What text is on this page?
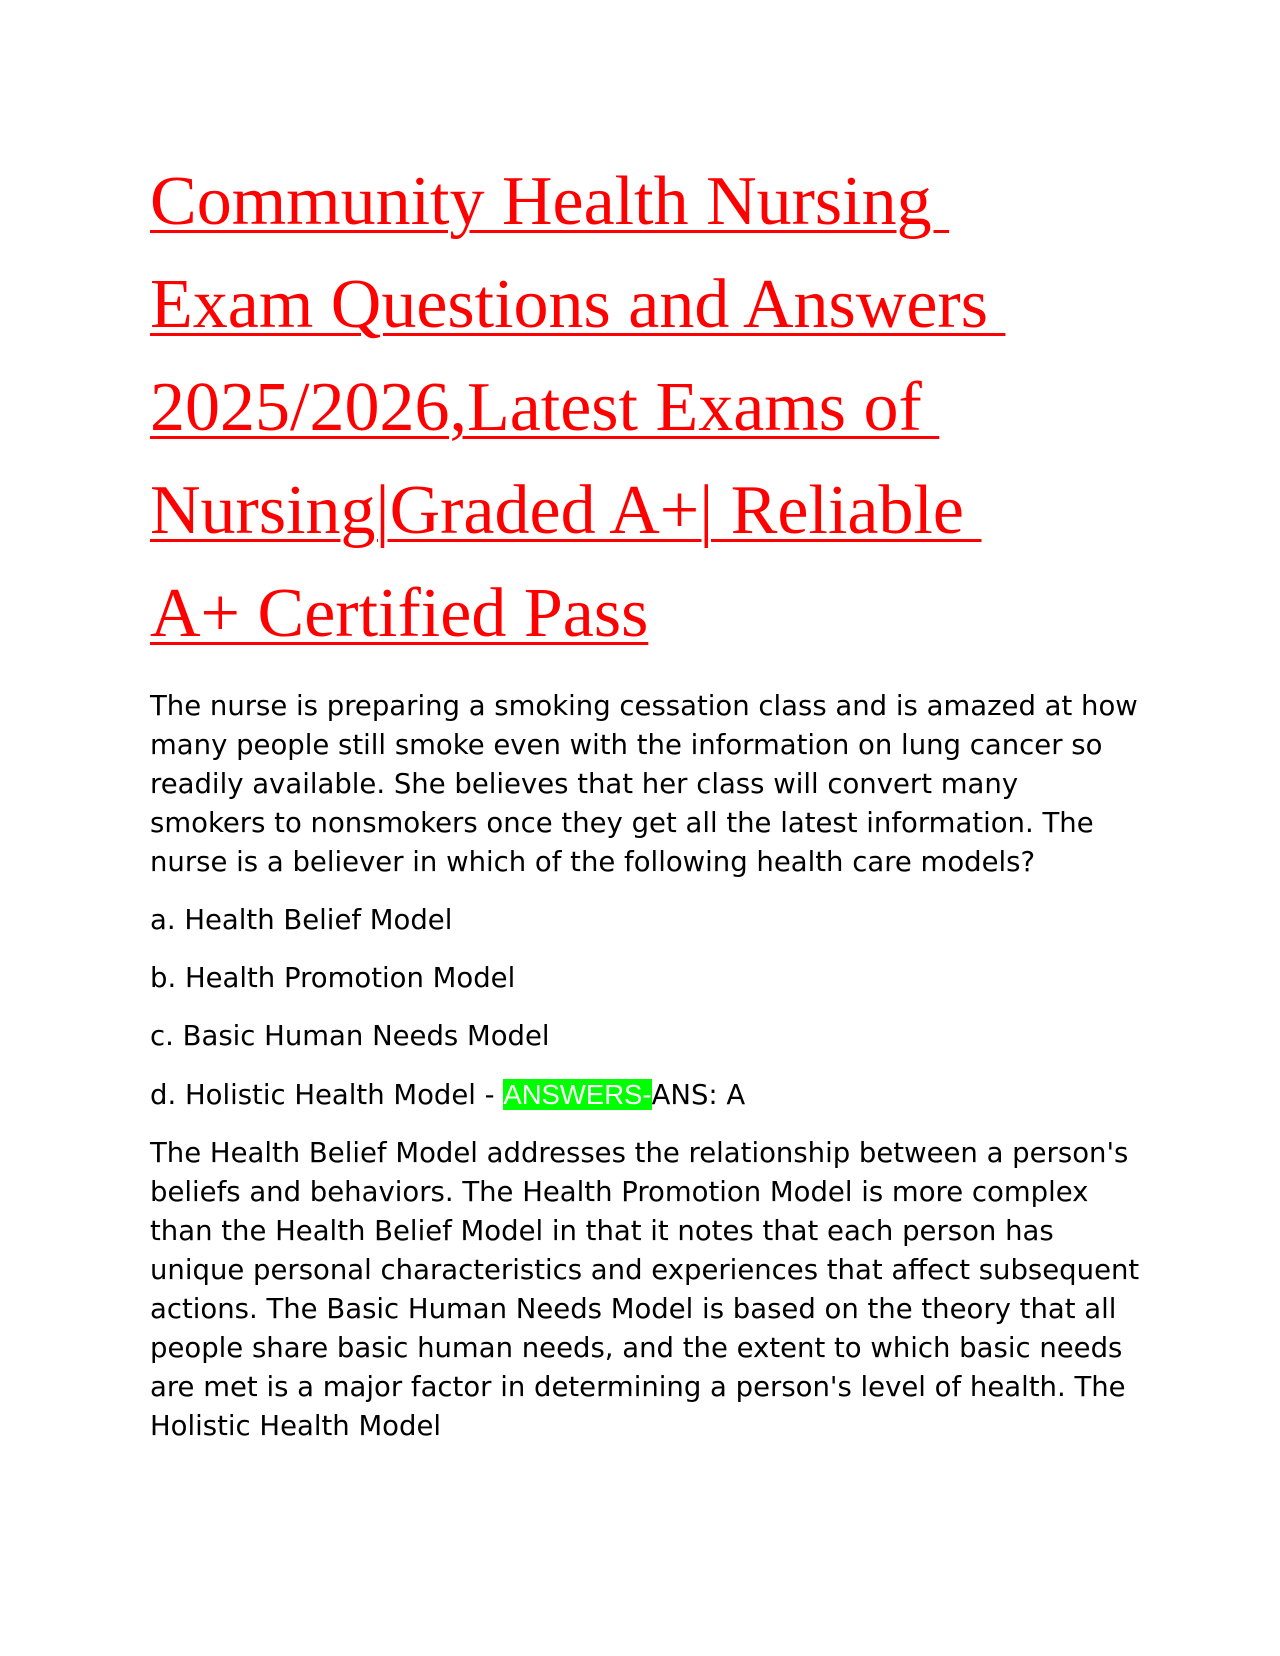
Community Health Nursing
Exam Questions and Answers
2025/2026,Latest Exams of
Nursing|Graded A+| Reliable
A+ Certified Pass

The nurse is preparing a smoking cessation class and is amazed at how many people still smoke even with the information on lung cancer so readily available. She believes that her class will convert many smokers to nonsmokers once they get all the latest information. The nurse is a believer in which of the following health care models?

a. Health Belief Model

b. Health Promotion Model

c. Basic Human Needs Model

d. Holistic Health Model - ANSWERS-ANS: A

The Health Belief Model addresses the relationship between a person's beliefs and behaviors. The Health Promotion Model is more complex than the Health Belief Model in that it notes that each person has unique personal characteristics and experiences that affect subsequent actions. The Basic Human Needs Model is based on the theory that all people share basic human needs, and the extent to which basic needs are met is a major factor in determining a person's level of health. The Holistic Health Model
